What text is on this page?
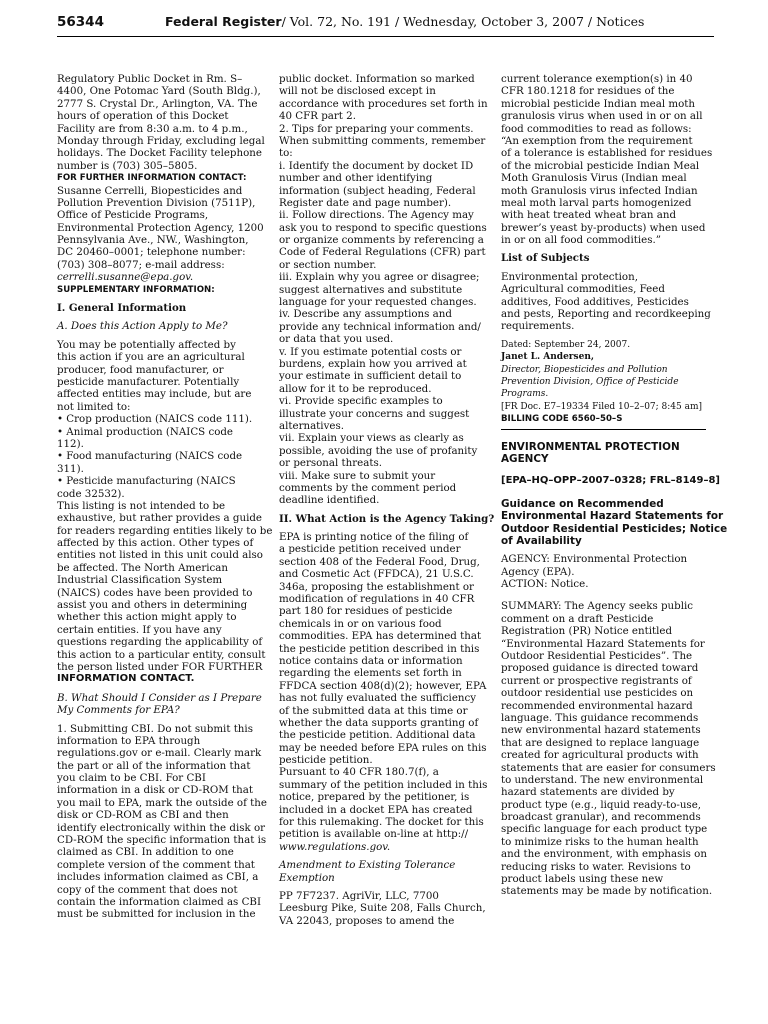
56344	Federal Register/ Vol. 72, No. 191 / Wednesday, October 3, 2007 / Notices
Regulatory Public Docket in Rm. S–
4400, One Potomac Yard (South Bldg.),
2777 S. Crystal Dr., Arlington, VA. The
hours of operation of this Docket
Facility are from 8:30 a.m. to 4 p.m.,
Monday through Friday, excluding legal
holidays. The Docket Facility telephone
number is (703) 305–5805.
FOR FURTHER INFORMATION CONTACT:
Susanne Cerrelli, Biopesticides and
Pollution Prevention Division (7511P),
Office of Pesticide Programs,
Environmental Protection Agency, 1200
Pennsylvania Ave., NW., Washington,
DC 20460–0001; telephone number:
(703) 308–8077; e-mail address:
cerrelli.susanne@epa.gov.
SUPPLEMENTARY INFORMATION:
I. General Information
A. Does this Action Apply to Me?
You may be potentially affected by
this action if you are an agricultural
producer, food manufacturer, or
pesticide manufacturer. Potentially
affected entities may include, but are
not limited to:
• Crop production (NAICS code 111).
• Animal production (NAICS code
112).
• Food manufacturing (NAICS code
311).
• Pesticide manufacturing (NAICS
code 32532).
This listing is not intended to be
exhaustive, but rather provides a guide
for readers regarding entities likely to be
affected by this action. Other types of
entities not listed in this unit could also
be affected. The North American
Industrial Classification System
(NAICS) codes have been provided to
assist you and others in determining
whether this action might apply to
certain entities. If you have any
questions regarding the applicability of
this action to a particular entity, consult
the person listed under FOR FURTHER
INFORMATION CONTACT.
B. What Should I Consider as I Prepare
My Comments for EPA?
1. Submitting CBI. Do not submit this
information to EPA through
regulations.gov or e-mail. Clearly mark
the part or all of the information that
you claim to be CBI. For CBI
information in a disk or CD-ROM that
you mail to EPA, mark the outside of the
disk or CD-ROM as CBI and then
identify electronically within the disk or
CD-ROM the specific information that is
claimed as CBI. In addition to one
complete version of the comment that
includes information claimed as CBI, a
copy of the comment that does not
contain the information claimed as CBI
must be submitted for inclusion in the
public docket. Information so marked
will not be disclosed except in
accordance with procedures set forth in
40 CFR part 2.
2. Tips for preparing your comments.
When submitting comments, remember
to:
i. Identify the document by docket ID
number and other identifying
information (subject heading, Federal
Register date and page number).
ii. Follow directions. The Agency may
ask you to respond to specific questions
or organize comments by referencing a
Code of Federal Regulations (CFR) part
or section number.
iii. Explain why you agree or disagree;
suggest alternatives and substitute
language for your requested changes.
iv. Describe any assumptions and
provide any technical information and/
or data that you used.
v. If you estimate potential costs or
burdens, explain how you arrived at
your estimate in sufficient detail to
allow for it to be reproduced.
vi. Provide specific examples to
illustrate your concerns and suggest
alternatives.
vii. Explain your views as clearly as
possible, avoiding the use of profanity
or personal threats.
viii. Make sure to submit your
comments by the comment period
deadline identified.
II. What Action is the Agency Taking?
EPA is printing notice of the filing of
a pesticide petition received under
section 408 of the Federal Food, Drug,
and Cosmetic Act (FFDCA), 21 U.S.C.
346a, proposing the establishment or
modification of regulations in 40 CFR
part 180 for residues of pesticide
chemicals in or on various food
commodities. EPA has determined that
the pesticide petition described in this
notice contains data or information
regarding the elements set forth in
FFDCA section 408(d)(2); however, EPA
has not fully evaluated the sufficiency
of the submitted data at this time or
whether the data supports granting of
the pesticide petition. Additional data
may be needed before EPA rules on this
pesticide petition.
Pursuant to 40 CFR 180.7(f), a
summary of the petition included in this
notice, prepared by the petitioner, is
included in a docket EPA has created
for this rulemaking. The docket for this
petition is available on-line at http://
www.regulations.gov.
Amendment to Existing Tolerance
Exemption
PP 7F7237. AgriVir, LLC, 7700
Leesburg Pike, Suite 208, Falls Church,
VA 22043, proposes to amend the
current tolerance exemption(s) in 40
CFR 180.1218 for residues of the
microbial pesticide Indian meal moth
granulosis virus when used in or on all
food commodities to read as follows:
“An exemption from the requirement
of a tolerance is established for residues
of the microbial pesticide Indian Meal
Moth Granulosis Virus (Indian meal
moth Granulosis virus infected Indian
meal moth larval parts homogenized
with heat treated wheat bran and
brewer’s yeast by-products) when used
in or on all food commodities.”
List of Subjects
Environmental protection,
Agricultural commodities, Feed
additives, Food additives, Pesticides
and pests, Reporting and recordkeeping
requirements.
Dated: September 24, 2007.
Janet L. Andersen,
Director, Biopesticides and Pollution
Prevention Division, Office of Pesticide
Programs.
[FR Doc. E7–19334 Filed 10–2–07; 8:45 am]
BILLING CODE 6560–50–S
ENVIRONMENTAL PROTECTION
AGENCY
[EPA–HQ–OPP–2007–0328; FRL–8149–8]
Guidance on Recommended
Environmental Hazard Statements for
Outdoor Residential Pesticides; Notice
of Availability
AGENCY: Environmental Protection
Agency (EPA).
ACTION: Notice.
SUMMARY: The Agency seeks public
comment on a draft Pesticide
Registration (PR) Notice entitled
“Environmental Hazard Statements for
Outdoor Residential Pesticides”. The
proposed guidance is directed toward
current or prospective registrants of
outdoor residential use pesticides on
recommended environmental hazard
language. This guidance recommends
new environmental hazard statements
that are designed to replace language
created for agricultural products with
statements that are easier for consumers
to understand. The new environmental
hazard statements are divided by
product type (e.g., liquid ready-to-use,
broadcast granular), and recommends
specific language for each product type
to minimize risks to the human health
and the environment, with emphasis on
reducing risks to water. Revisions to
product labels using these new
statements may be made by notification.
